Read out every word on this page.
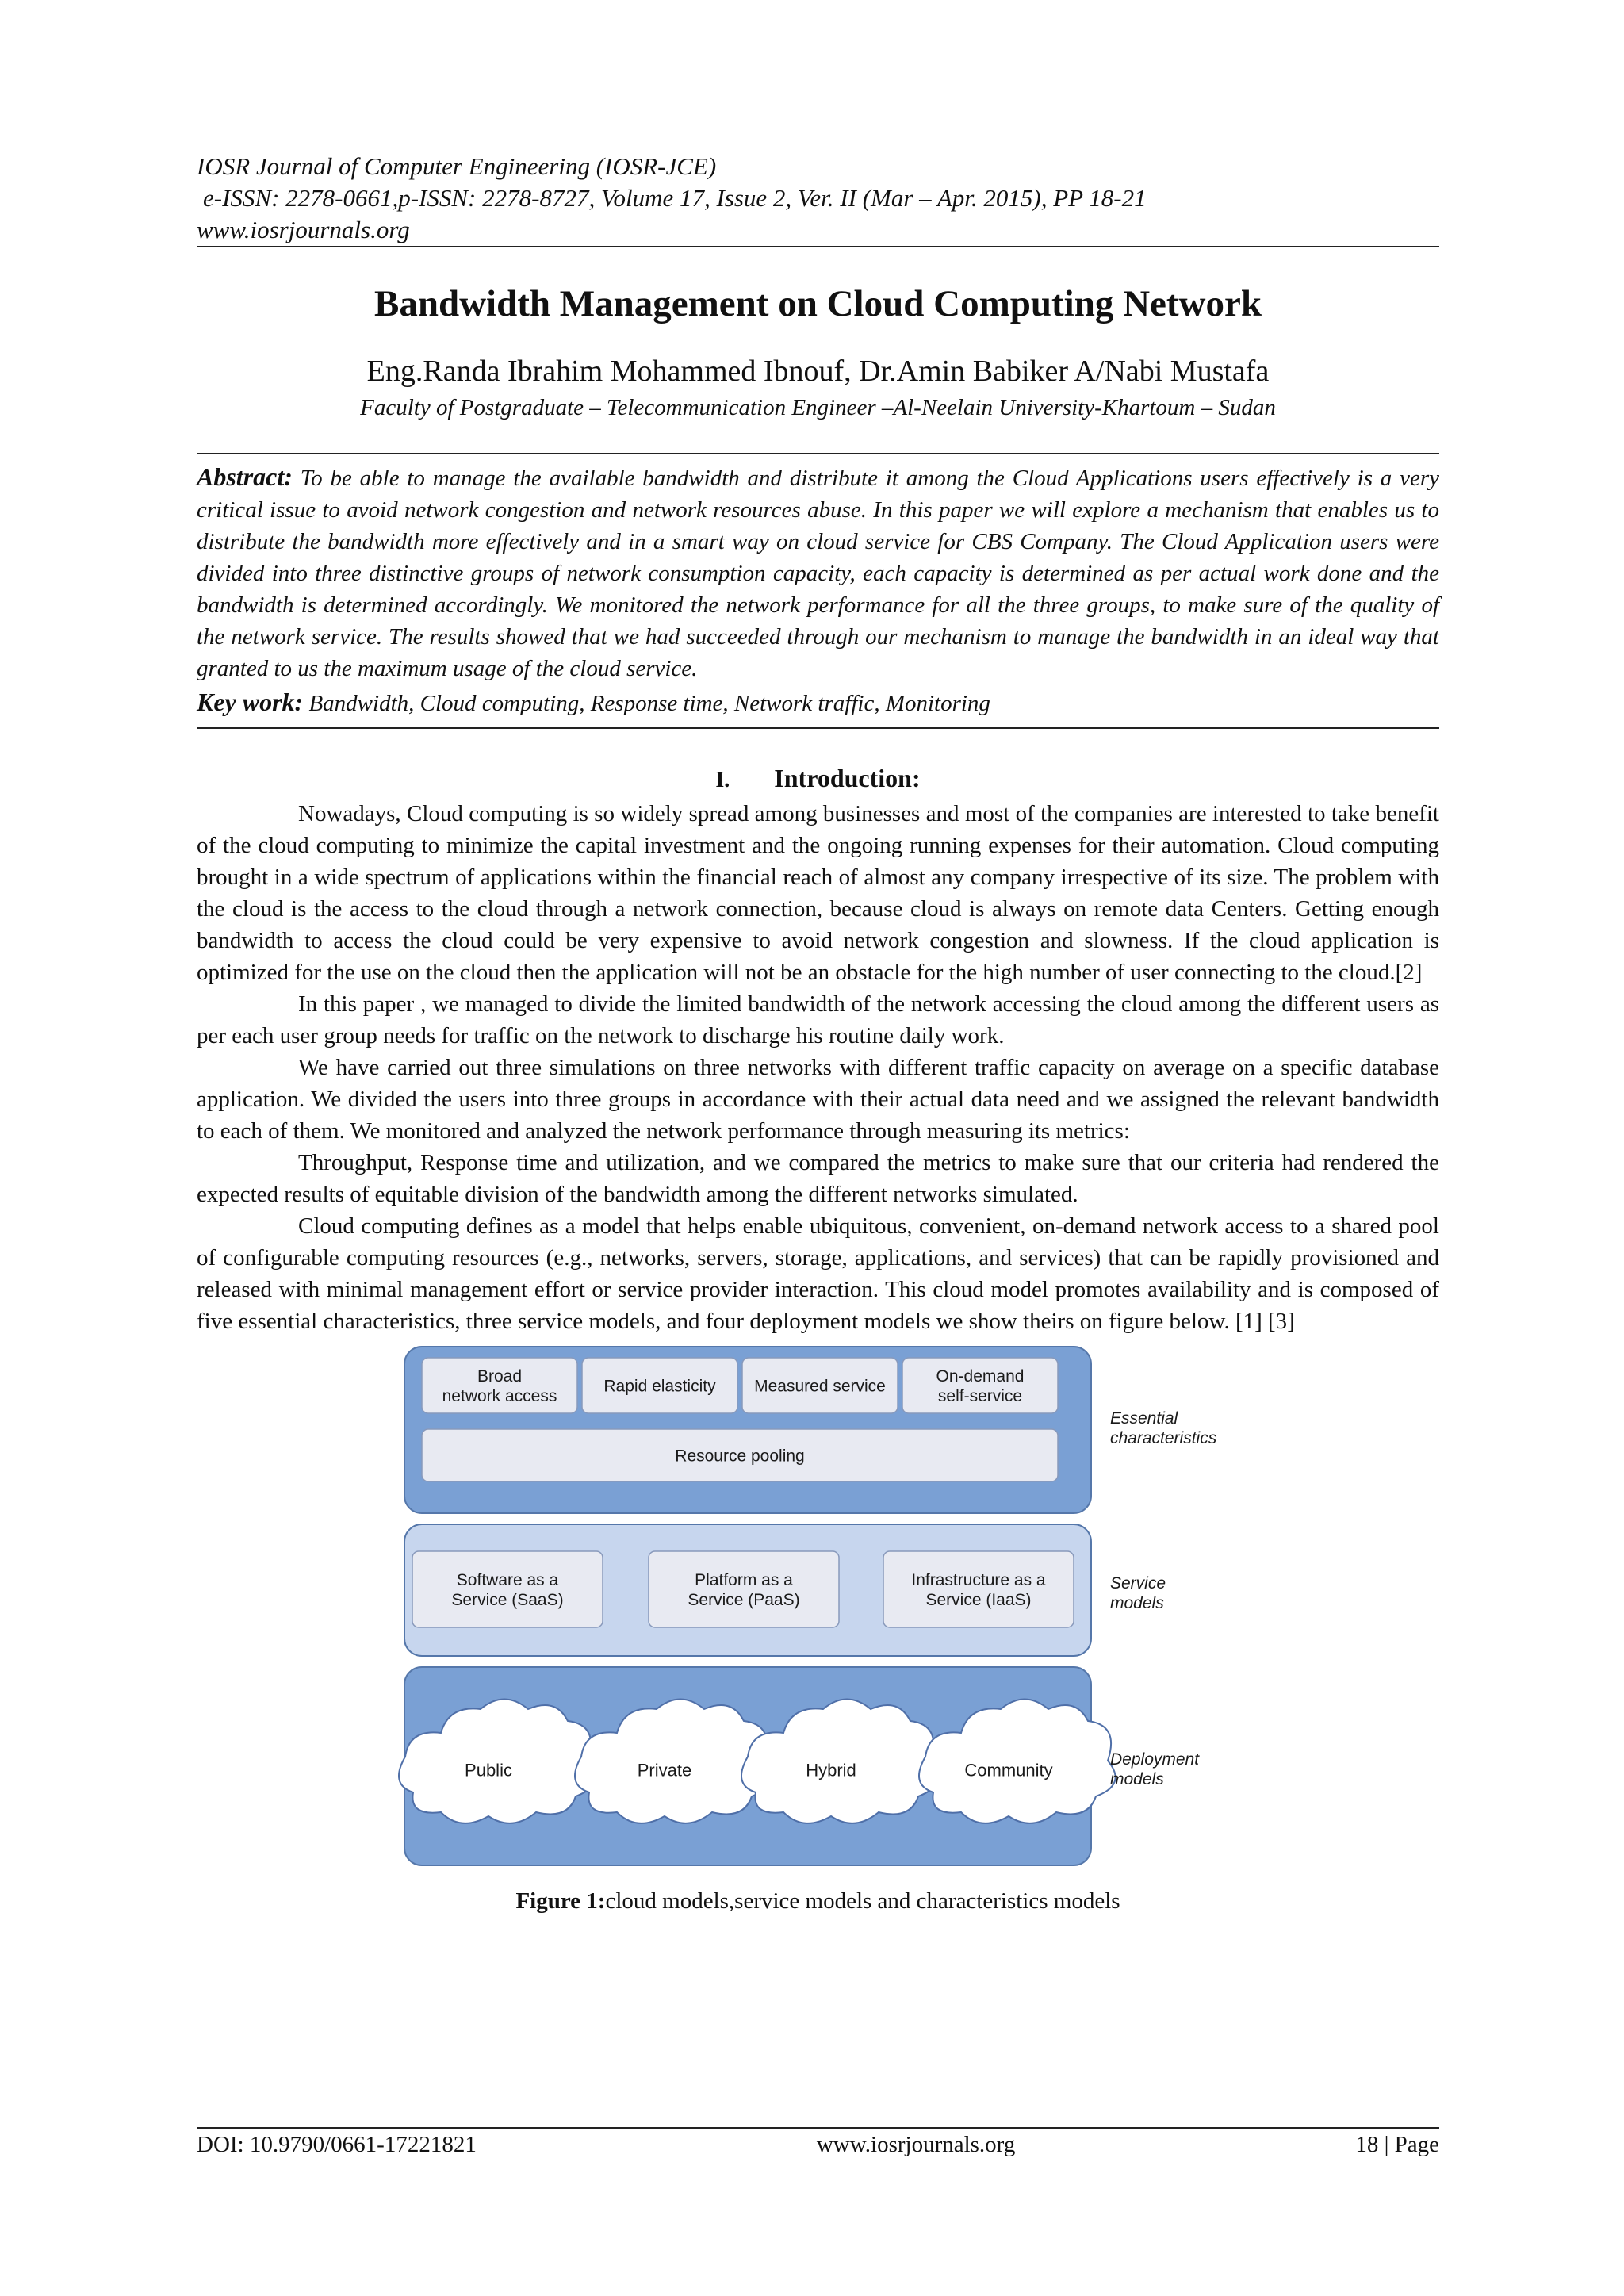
IOSR Journal of Computer Engineering (IOSR-JCE)
e-ISSN: 2278-0661,p-ISSN: 2278-8727, Volume 17, Issue 2, Ver. II (Mar – Apr. 2015), PP 18-21
www.iosrjournals.org
Bandwidth Management on Cloud Computing Network
Eng.Randa Ibrahim Mohammed Ibnouf, Dr.Amin Babiker A/Nabi Mustafa
Faculty of Postgraduate – Telecommunication Engineer –Al-Neelain University-Khartoum – Sudan

Abstract: To be able to manage the available bandwidth and distribute it among the Cloud Applications users effectively is a very critical issue to avoid network congestion and network resources abuse. In this paper we will explore a mechanism that enables us to distribute the bandwidth more effectively and in a smart way on cloud service for CBS Company. The Cloud Application users were divided into three distinctive groups of network consumption capacity, each capacity is determined as per actual work done and the bandwidth is determined accordingly. We monitored the network performance for all the three groups, to make sure of the quality of the network service. The results showed that we had succeeded through our mechanism to manage the bandwidth in an ideal way that granted to us the maximum usage of the cloud service.

Key work: Bandwidth, Cloud computing, Response time, Network traffic, Monitoring
I. Introduction:

Nowadays, Cloud computing is so widely spread among businesses and most of the companies are interested to take benefit of the cloud computing to minimize the capital investment and the ongoing running expenses for their automation. Cloud computing brought in a wide spectrum of applications within the financial reach of almost any company irrespective of its size. The problem with the cloud is the access to the cloud through a network connection, because cloud is always on remote data Centers. Getting enough bandwidth to access the cloud could be very expensive to avoid network congestion and slowness. If the cloud application is optimized for the use on the cloud then the application will not be an obstacle for the high number of user connecting to the cloud.[2]

In this paper , we managed to divide the limited bandwidth of the network accessing the cloud among the different users as per each user group needs for traffic on the network to discharge his routine daily work.

We have carried out three simulations on three networks with different traffic capacity on average on a specific database application. We divided the users into three groups in accordance with their actual data need and we assigned the relevant bandwidth to each of them. We monitored and analyzed the network performance through measuring its metrics:

Throughput, Response time and utilization, and we compared the metrics to make sure that our criteria had rendered the expected results of equitable division of the bandwidth among the different networks simulated.

Cloud computing defines as a model that helps enable ubiquitous, convenient, on-demand network access to a shared pool of configurable computing resources (e.g., networks, servers, storage, applications, and services) that can be rapidly provisioned and released with minimal management effort or service provider interaction. This cloud model promotes availability and is composed of five essential characteristics, three service models, and four deployment models we show theirs on figure below. [1] [3]

Broad
network access
Rapid elasticity Measured service
On-demand
self-service
Resource pooling
Software as a
Service (SaaS)
Platform as a
Service (PaaS)
Infrastructure as a
Service (IaaS)
Public	Private	Hybrid	Community
Essential
characteristics
Service
models
Deployment
models
Figure 1:cloud models,service models and characteristics models
DOI: 10.9790/0661-17221821	www.iosrjournals.org	18 | Page
